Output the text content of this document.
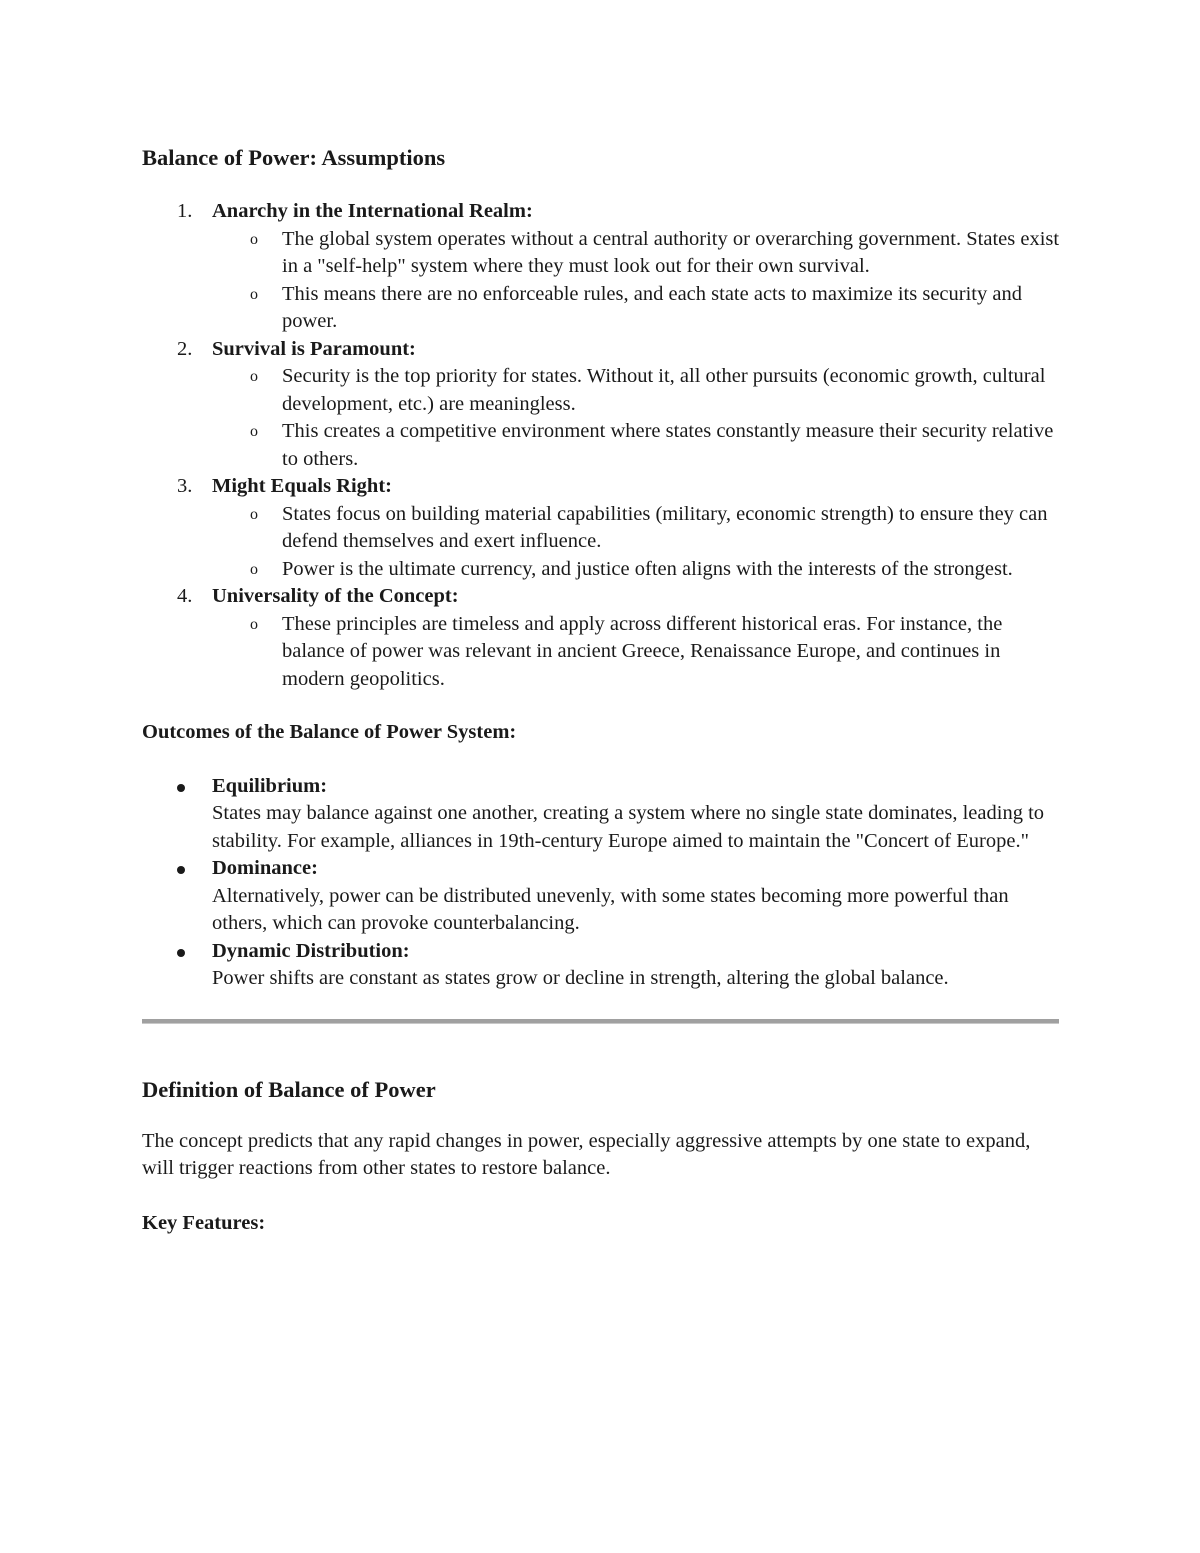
Balance of Power: Assumptions
1. Anarchy in the International Realm:
o The global system operates without a central authority or overarching government. States exist in a "self-help" system where they must look out for their own survival.
o This means there are no enforceable rules, and each state acts to maximize its security and power.
2. Survival is Paramount:
o Security is the top priority for states. Without it, all other pursuits (economic growth, cultural development, etc.) are meaningless.
o This creates a competitive environment where states constantly measure their security relative to others.
3. Might Equals Right:
o States focus on building material capabilities (military, economic strength) to ensure they can defend themselves and exert influence.
o Power is the ultimate currency, and justice often aligns with the interests of the strongest.
4. Universality of the Concept:
o These principles are timeless and apply across different historical eras. For instance, the balance of power was relevant in ancient Greece, Renaissance Europe, and continues in modern geopolitics.

Outcomes of the Balance of Power System:

Equilibrium:
States may balance against one another, creating a system where no single state dominates, leading to stability. For example, alliances in 19th-century Europe aimed to maintain the "Concert of Europe."
Dominance:
Alternatively, power can be distributed unevenly, with some states becoming more powerful than others, which can provoke counterbalancing.
Dynamic Distribution:
Power shifts are constant as states grow or decline in strength, altering the global balance.
Definition of Balance of Power

The concept predicts that any rapid changes in power, especially aggressive attempts by one state to expand, will trigger reactions from other states to restore balance.

Key Features:
